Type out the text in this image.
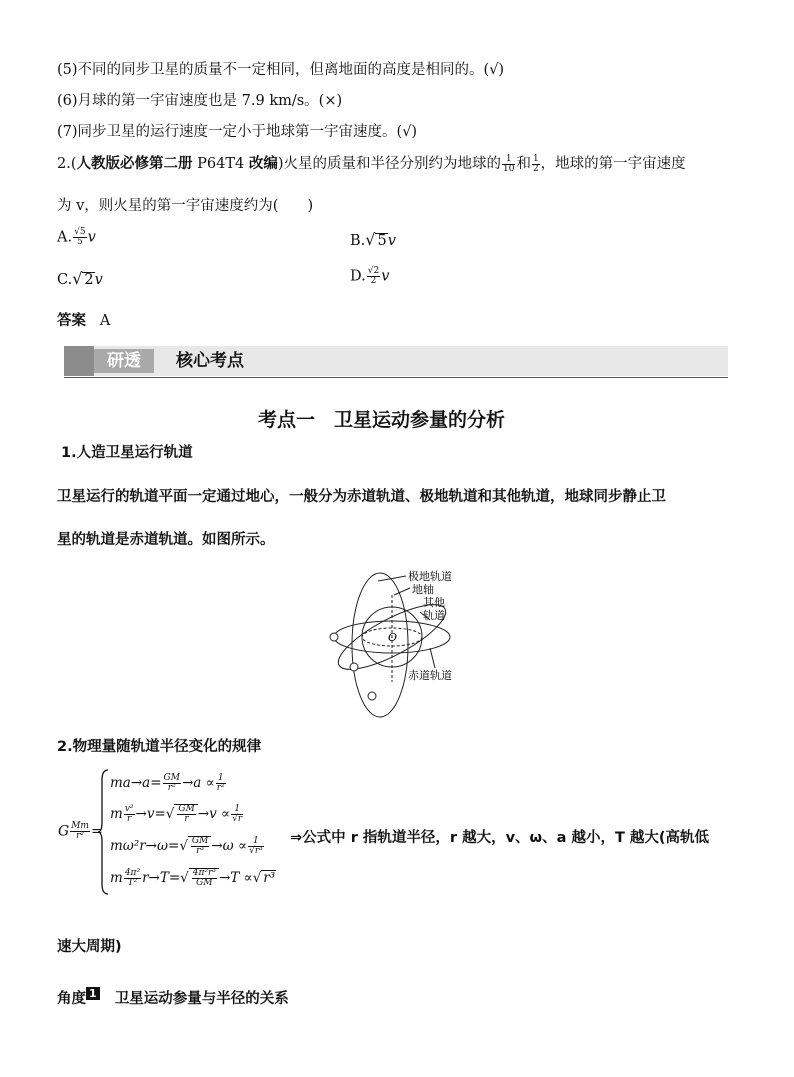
(5)不同的同步卫星的质量不一定相同，但离地面的高度是相同的。(√)
(6)月球的第一宇宙速度也是 7.9 km/s。(×)
(7)同步卫星的运行速度一定小于地球第一宇宙速度。(√)
2.(人教版必修第二册 P64T4 改编)火星的质量和半径分别约为地球的 $\frac{1}{10}$ 和 $\frac{1}{2}$ ，地球的第一宇宙速度
为 v，则火星的第一宇宙速度约为(　　)
A. $\frac{√5}{5}$ v	B.√ 5v
C.√ 2v	D. $\frac{√2}{2}$ v
答案 A
研透	核心考点
考点一　卫星运动参量的分析
1.人造卫星运行轨道
卫星运行的轨道平面一定通过地心，一般分为赤道轨道、极地轨道和其他轨道，地球同步静止卫
星的轨道是赤道轨道。如图所示。
极地轨道
地轴
其他
轨道
O
赤道轨道
2.物理量随轨道半径变化的规律
G $\frac{Mm}{\text{r²}}$ =
$ma\to a= \frac{GM}{\text{r²}} \to a \propto \frac{1}{\text{r²}}$
m $\frac{\text{v²}}{r} \to v=√ \frac{GM}{r} \to v \propto \frac{1}{√r}$
$m\omega^2r\to\omega=√ \frac{GM}{\text{r³}} \to\omega \propto \frac{1}{\text{√r³}}$
m $\frac{\text{4π²}}{\text{T²}} r\to T=√ \frac{\text{4π²r³}}{GM} \to T$ ∝√ r³
⇒公式中 r 指轨道半径，r 越大，v、ω、a 越小，T 越大(高轨低
速大周期)
角度 1 卫星运动参量与半径的关系
